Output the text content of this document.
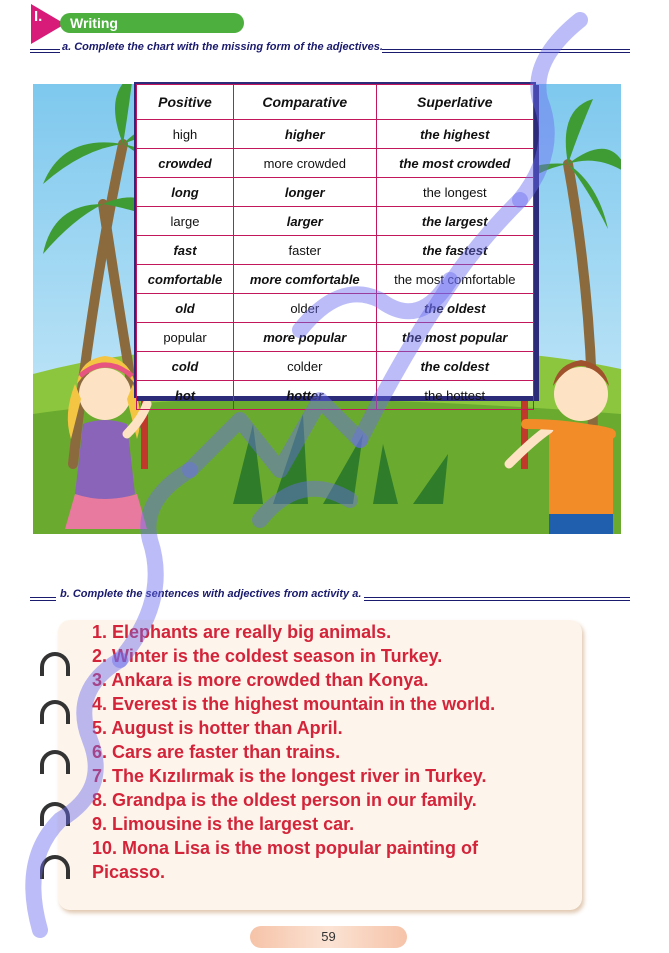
Writing
I.
a. Complete the chart with the missing form of the adjectives.
Positive	Comparative	Superlative
high	higher	the highest
crowded	more crowded	the most crowded
long	longer	the longest
large	larger	the largest
fast	faster	the fastest
comfortable	more comfortable	the most comfortable
old	older	the oldest
popular	more popular	the most popular
cold	colder	the coldest
hot	hotter	the hottest
b. Complete the sentences with adjectives from activity a.
1. Elephants are really big animals.
2. Winter is the coldest season in Turkey.
3. Ankara is more crowded than Konya.
4. Everest is the highest mountain in the world.
5. August is hotter than April.
6. Cars are faster than trains.
7. The Kızılırmak is the longest river in Turkey.
8. Grandpa is the oldest person in our family.
9. Limousine is the largest car.
10. Mona Lisa is the most popular painting of
Picasso.
59
